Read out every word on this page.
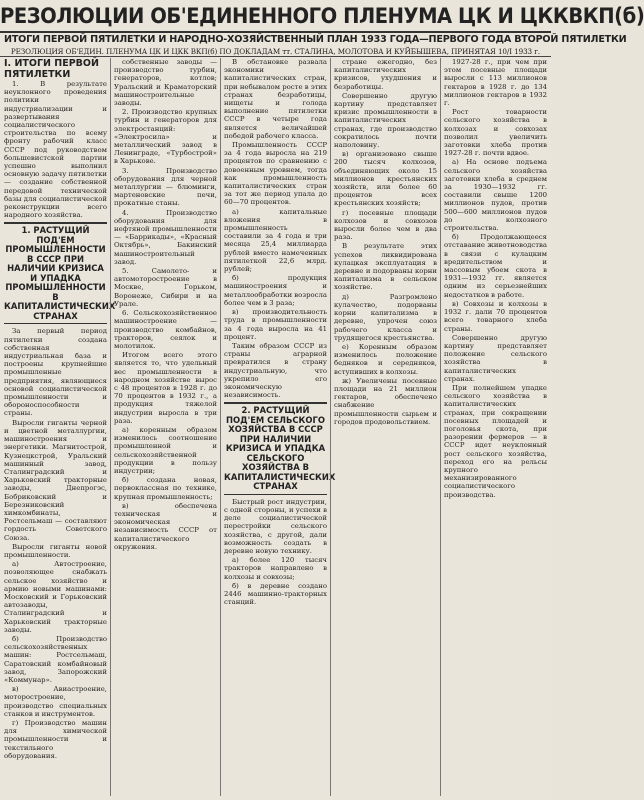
РЕЗОЛЮЦИИ ОБ'ЕДИНЕННОГО ПЛЕНУМА ЦК И ЦККВКП(б)
ИТОГИ ПЕРВОЙ ПЯТИЛЕТКИ И НАРОДНО-ХОЗЯЙСТВЕННЫЙ ПЛАН 1933 ГОДА—ПЕРВОГО ГОДА ВТОРОЙ ПЯТИЛЕТКИ
РЕЗОЛЮЦИЯ ОБ'ЕДИН. ПЛЕНУМА ЦК И ЦКК ВКП(б) ПО ДОКЛАДАМ тт. СТАЛИНА, МОЛОТОВА И КУЙБЫШЕВА, ПРИНЯТАЯ 10/I 1933 г.
I. ИТОГИ ПЕРВОЙ ПЯТИЛЕТКИ

1. В результате неуклонного проведения политики индустриализации и развертывания социалистического строительства по всему фронту рабочий класс СССР под руководством большевистской партии успешно выполнил основную задачу пятилетки — создание собственной передовой технической базы для социалистической реконструкции всего народного хозяйства.

1. РАСТУЩИЙ ПОД'ЕМ ПРОМЫШЛЕННОСТИ В СССР ПРИ НАЛИЧИИ КРИЗИСА И УПАДКА ПРОМЫШЛЕННОСТИ В КАПИТАЛИСТИЧЕСКИХ СТРАНАХ

За первый период пятилетки создана собственная индустриальная база и построены крупнейшие промышленные предприятия, являющиеся основой социалистической промышленности и обороноспособности страны.

Выросли гиганты черной и цветной металлургии, машиностроения и энергетики. Магнитострой, Кузнецкстрой, Уральский машинный завод, Сталинградский и Харьковский тракторные заводы, Днепрогэс, Бобриковский и Березниковский химкомбинаты, Ростсельмаш — составляют гордость Советского Союза.

Выросли гиганты новой промышленности.

а) Автостроение, позволяющее снабжать сельское хозяйство и армию новыми машинами: Московский и Горьковский автозаводы, Сталинградский и Харьковский тракторные заводы.

б) Производство сельскохозяйственных машин: Ростсельмаш, Саратовский комбайновый завод, Запорожский «Коммунар».

в) Авиастроение, моторостроение, производство специальных станков и инструментов.

г) Производство машин для химической промышленности и текстильного оборудования.

собственные заводы — производство турбин, генераторов, котлов; Уральский и Краматорский машиностроительные заводы.

2. Производство крупных турбин и генераторов для электростанций: «Электросила» и металлический завод в Ленинграде, «Турбострой» в Харькове.

3. Производство оборудования для черной металлургии — блюминги, мартеновские печи, прокатные станы.

4. Производство оборудования для нефтяной промышленности — «Баррикады», «Красный Октябрь», Бакинский машиностроительный завод.

5. Самолето- и автомоторостроение в Москве, Горьком, Воронеже, Сибири и на Урале.

6. Сельскохозяйственное машиностроение — производство комбайнов, тракторов, сеялок и молотилок.

Итогом всего этого является то, что удельный вес промышленности в народном хозяйстве вырос с 48 процентов в 1928 г. до 70 процентов в 1932 г., а продукция тяжелой индустрии выросла в три раза.

а) коренным образом изменилось соотношение промышленной и сельскохозяйственной продукции в пользу индустрии;

б) создана новая, первоклассная по технике, крупная промышленность;

в) обеспечена техническая и экономическая независимость СССР от капиталистического окружения.

В обстановке развала экономики капиталистических стран, при небывалом росте в этих странах безработицы, нищеты и голода выполнение пятилетки СССР в четыре года является величайшей победой рабочего класса.

Промышленность СССР за 4 года выросла на 219 процентов по сравнению с довоенным уровнем, тогда как промышленность капиталистических стран за тот же период упала до 60—70 процентов.

а) капитальные вложения в промышленность составили за 4 года и три месяца 25,4 миллиарда рублей вместо намеченных пятилеткой 22,6 млрд. рублей;

б) продукция машиностроения и металлообработки возросла более чем в 3 раза;

в) производительность труда в промышленности за 4 года выросла на 41 процент.

Таким образом СССР из страны аграрной превратился в страну индустриальную, что укрепило его экономическую независимость.

2. РАСТУЩИЙ ПОД'ЕМ СЕЛЬСКОГО ХОЗЯЙСТВА В СССР ПРИ НАЛИЧИИ КРИЗИСА И УПАДКА СЕЛЬСКОГО ХОЗЯЙСТВА В КАПИТАЛИСТИЧЕСКИХ СТРАНАХ

Быстрый рост индустрии, с одной стороны, и успехи в деле социалистической перестройки сельского хозяйства, с другой, дали возможность создать в деревне новую технику.

а) более 120 тысяч тракторов направлено в колхозы и совхозы;

б) в деревне создано 2446 машинно-тракторных станций.

стране ежегодно, без капиталистических кризисов, ухудшения и безработицы.

Совершенно другую картину представляет кризис промышленности в капиталистических странах, где производство сократилось почти наполовину.

в) организовано свыше 200 тысяч колхозов, объединяющих около 15 миллионов крестьянских хозяйств, или более 60 процентов всех крестьянских хозяйств;

г) посевные площади колхозов и совхозов выросли более чем в два раза.

В результате этих успехов ликвидирована кулацкая эксплуатация в деревне и подорваны корни капитализма в сельском хозяйстве.

д) Разгромлено кулачество, подорваны корни капитализма в деревне, упрочен союз рабочего класса и трудящегося крестьянства.

е) Коренным образом изменилось положение бедняков и середняков, вступивших в колхозы.

ж) Увеличены посевные площади на 21 миллион гектаров, обеспечено снабжение промышленности сырьем и городов продовольствием.

1927-28 г., при чем при этом посевные площади выросли с 113 миллионов гектаров в 1928 г. до 134 миллионов гектаров в 1932 г.

Рост товарности сельского хозяйства в колхозах и совхозах позволил увеличить заготовки хлеба против 1927-28 г. почти вдвое.

а) На основе подъема сельского хозяйства заготовки хлеба в среднем за 1930—1932 гг. составили свыше 1200 миллионов пудов, против 500—600 миллионов пудов до колхозного строительства.

б) Продолжающееся отставание животноводства в связи с кулацким вредительством и массовым убоем скота в 1931—1932 гг. является одним из серьезнейших недостатков в работе.

в) Совхозы и колхозы в 1932 г. дали 70 процентов всего товарного хлеба страны.

Совершенно другую картину представляет положение сельского хозяйства в капиталистических странах.

При полнейшем упадке сельского хозяйства в капиталистических странах, при сокращении посевных площадей и поголовья скота, при разорении фермеров — в СССР идет неуклонный рост сельского хозяйства, переход его на рельсы крупного механизированного социалистического производства.
